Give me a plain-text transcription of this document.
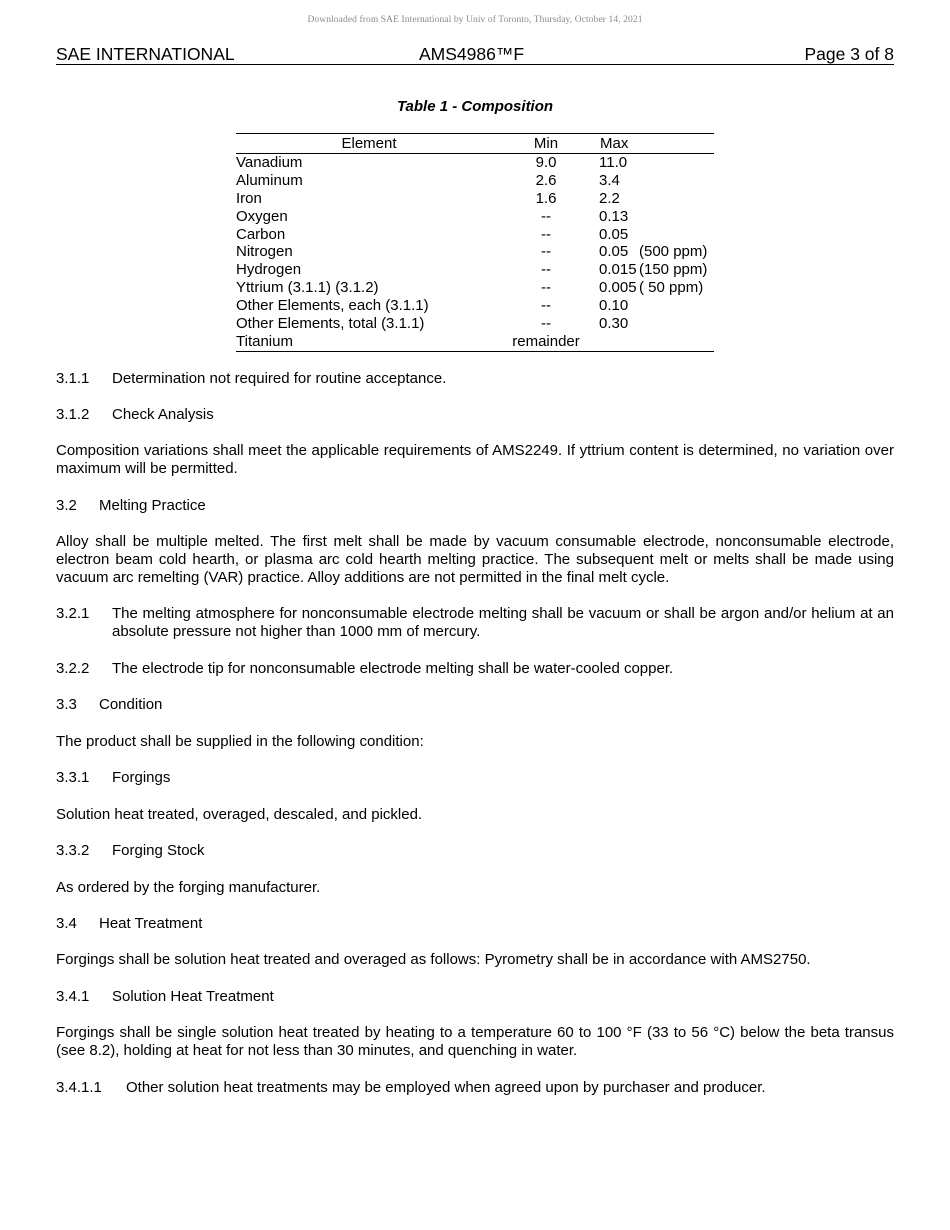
Downloaded from SAE International by Univ of Toronto, Thursday, October 14, 2021
SAE INTERNATIONAL	AMS4986™F	Page 3 of 8
Table 1 - Composition
Element	Min	Max
Vanadium	9.0	11.0
Aluminum	2.6	3.4
Iron	1.6	2.2
Oxygen	--	0.13
Carbon	--	0.05
Nitrogen	--	0.05 (500 ppm)
Hydrogen	--	0.015 (150 ppm)
Yttrium (3.1.1) (3.1.2)	--	0.005 ( 50 ppm)
Other Elements, each (3.1.1)	--	0.10
Other Elements, total (3.1.1)	--	0.30
Titanium	remainder
3.1.1 Determination not required for routine acceptance.
3.1.2 Check Analysis
Composition variations shall meet the applicable requirements of AMS2249. If yttrium content is determined, no variation over maximum will be permitted.
3.2 Melting Practice
Alloy shall be multiple melted. The first melt shall be made by vacuum consumable electrode, nonconsumable electrode, electron beam cold hearth, or plasma arc cold hearth melting practice. The subsequent melt or melts shall be made using vacuum arc remelting (VAR) practice. Alloy additions are not permitted in the final melt cycle.
3.2.1 The melting atmosphere for nonconsumable electrode melting shall be vacuum or shall be argon and/or helium at an absolute pressure not higher than 1000 mm of mercury.
3.2.2 The electrode tip for nonconsumable electrode melting shall be water-cooled copper.
3.3 Condition
The product shall be supplied in the following condition:
3.3.1 Forgings
Solution heat treated, overaged, descaled, and pickled.
3.3.2 Forging Stock
As ordered by the forging manufacturer.
3.4 Heat Treatment
Forgings shall be solution heat treated and overaged as follows: Pyrometry shall be in accordance with AMS2750.
3.4.1 Solution Heat Treatment
Forgings shall be single solution heat treated by heating to a temperature 60 to 100 °F (33 to 56 °C) below the beta transus (see 8.2), holding at heat for not less than 30 minutes, and quenching in water.
3.4.1.1 Other solution heat treatments may be employed when agreed upon by purchaser and producer.
